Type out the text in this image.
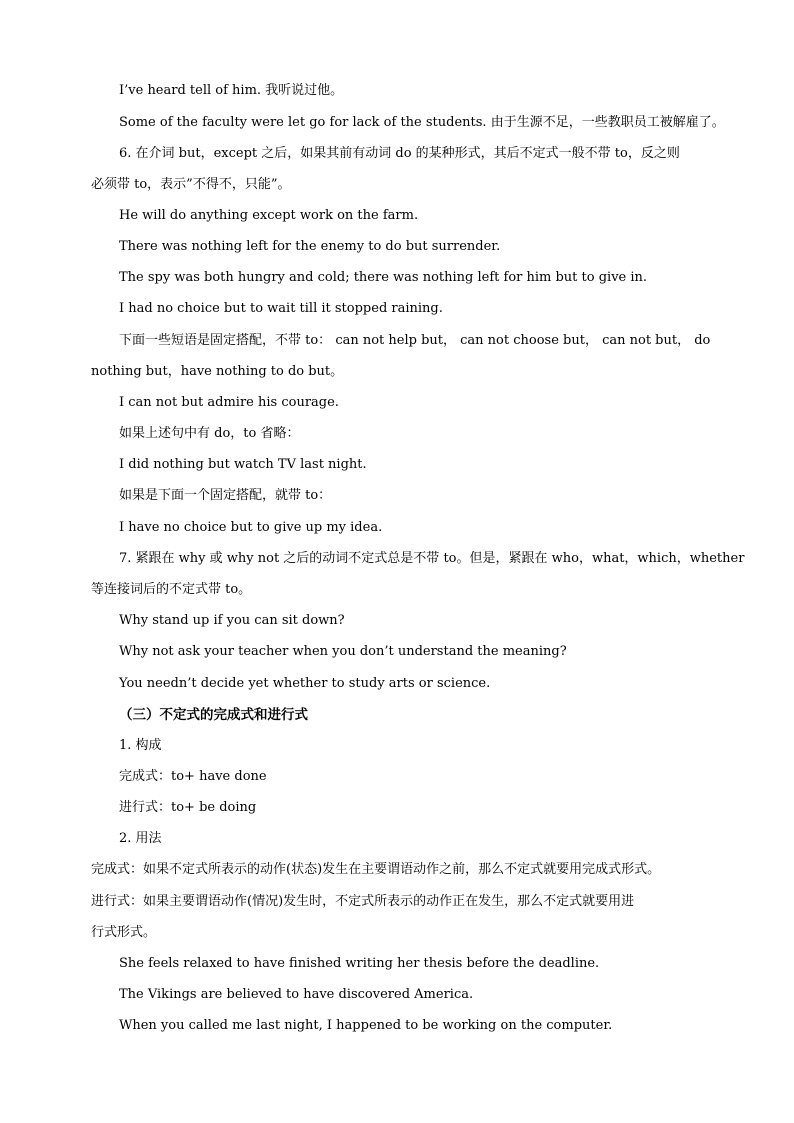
I’ve heard tell of him. 我听说过他。
Some of the faculty were let go for lack of the students. 由于生源不足，一些教职员工被解雇了。
6. 在介词 but，except 之后，如果其前有动词 do 的某种形式，其后不定式一般不带 to，反之则
必须带 to，表示”不得不，只能”。
He will do anything except work on the farm.
There was nothing left for the enemy to do but surrender.
The spy was both hungry and cold; there was nothing left for him but to give in.
I had no choice but to wait till it stopped raining.
下面一些短语是固定搭配，不带 to： can not help but， can not choose but， can not but， do
nothing but，have nothing to do but。
I can not but admire his courage.
如果上述句中有 do，to 省略：
I did nothing but watch TV last night.
如果是下面一个固定搭配，就带 to：
I have no choice but to give up my idea.
7. 紧跟在 why 或 why not 之后的动词不定式总是不带 to。但是，紧跟在 who，what，which，whether
等连接词后的不定式带 to。
Why stand up if you can sit down?
Why not ask your teacher when you don’t understand the meaning?
You needn’t decide yet whether to study arts or science.
（三）不定式的完成式和进行式
1. 构成
完成式：to+ have done
进行式：to+ be doing
2. 用法
完成式：如果不定式所表示的动作(状态)发生在主要谓语动作之前，那么不定式就要用完成式形式。
进行式：如果主要谓语动作(情况)发生时，不定式所表示的动作正在发生，那么不定式就要用进
行式形式。
She feels relaxed to have finished writing her thesis before the deadline.
The Vikings are believed to have discovered America.
When you called me last night, I happened to be working on the computer.
